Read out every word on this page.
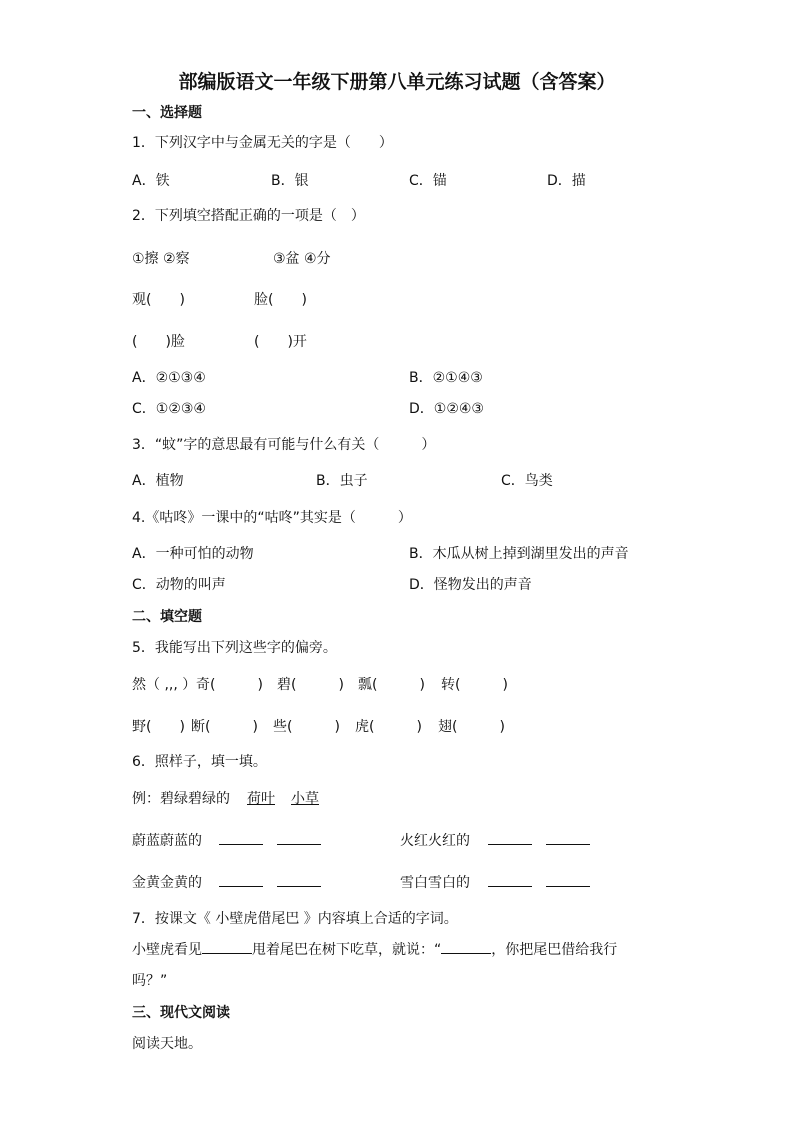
部编版语文一年级下册第八单元练习试题（含答案）
一、选择题
1．下列汉字中与金属无关的字是（　　）
A．铁	B．银	C．锚	D．描
2．下列填空搭配正确的一项是（　）
①擦 ②察	③盆 ④分
观(　　)	脸(　　)
(　　)脸	(　　)开
A．②①③④	B．②①④③
C．①②③④	D．①②④③
3．“蚊”字的意思最有可能与什么有关（　　　）
A．植物	B．虫子	C．鸟类
4.《咕咚》一课中的“咕咚”其实是（　　　）
A．一种可怕的动物	B．木瓜从树上掉到湖里发出的声音
C．动物的叫声	D．怪物发出的声音
二、填空题
5．我能写出下列这些字的偏旁。
然（ ,,, ） 奇(　　　) 碧(　　　) 瓢(　　　) 转(　　　)
野(　　) 断(　　　) 些(　　　) 虎(　　　) 翅(　　　)
6．照样子，填一填。
例：碧绿碧绿的 荷叶 小草
蔚蓝蔚蓝的	火红火红的
金黄金黄的	雪白雪白的
7．按课文《 小壁虎借尾巴 》内容填上合适的字词。
小壁虎看见	甩着尾巴在树下吃草，就说：“	，你把尾巴借给我行
吗？”
三、现代文阅读
阅读天地。
